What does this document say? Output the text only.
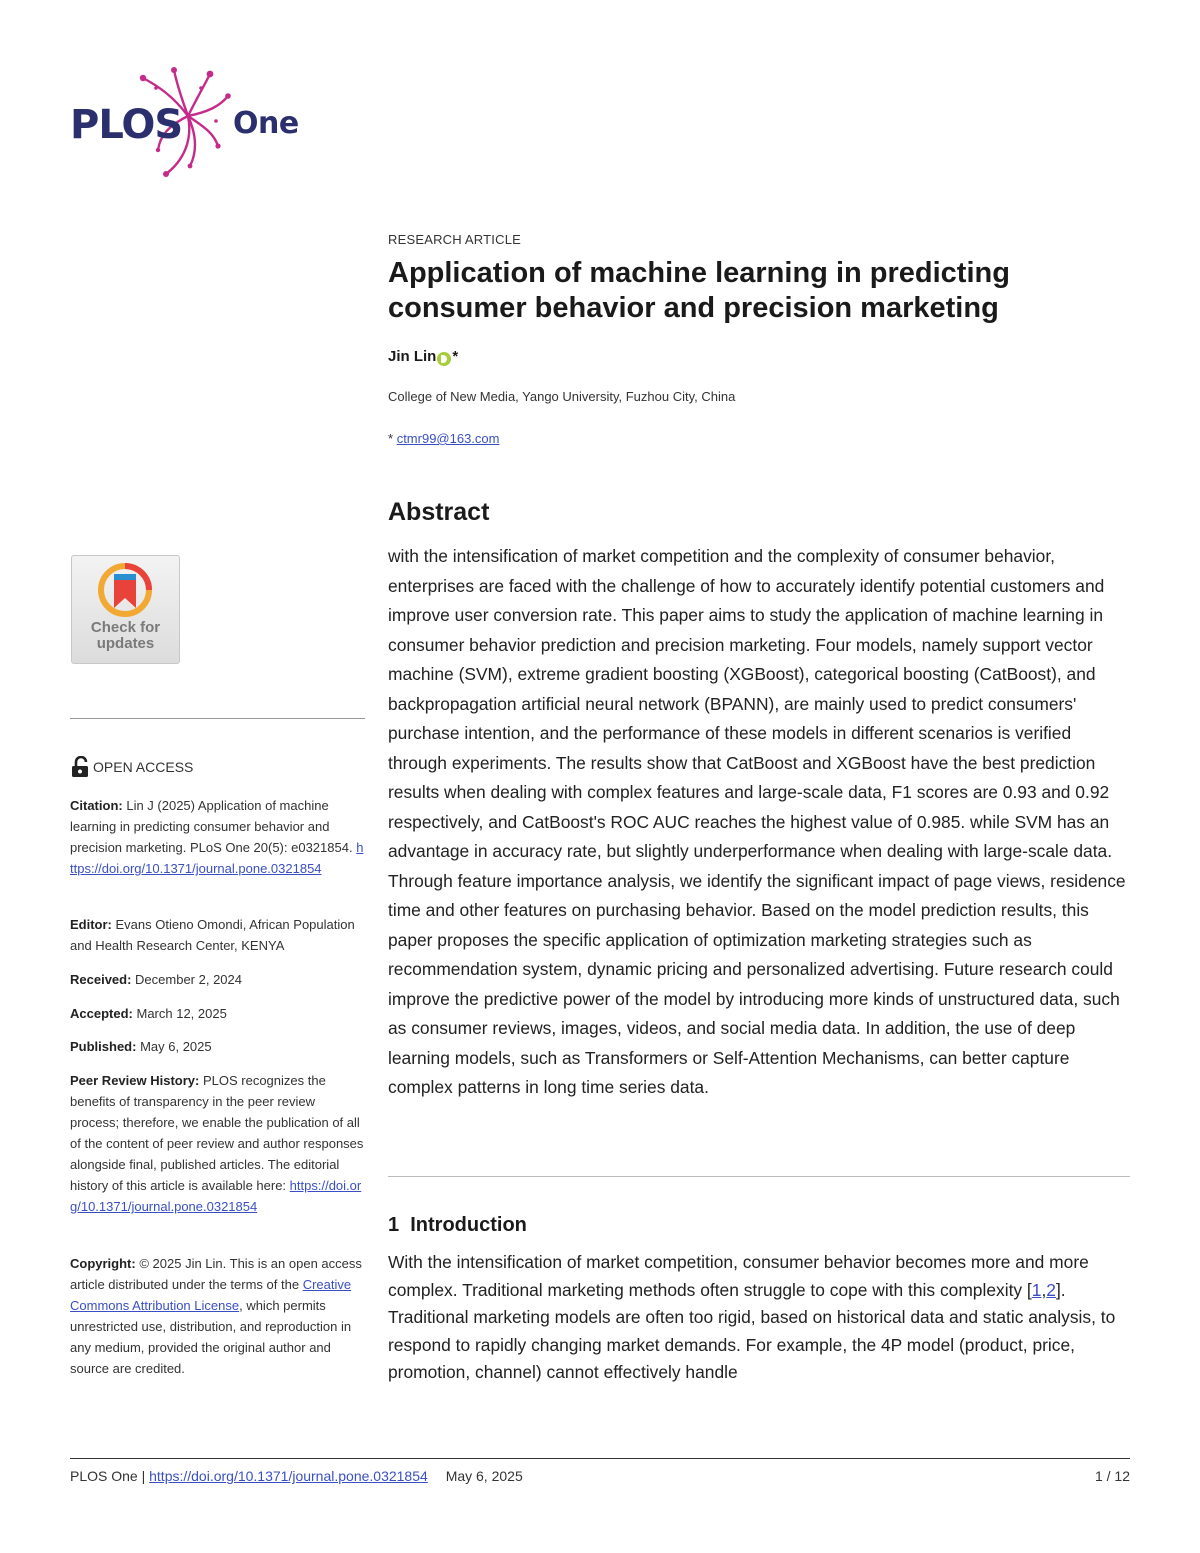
PLOS One
RESEARCH ARTICLE
Application of machine learning in predicting consumer behavior and precision marketing
Jin Lin *
College of New Media, Yango University, Fuzhou City, China
* ctmr99@163.com
Abstract
with the intensification of market competition and the complexity of consumer behavior, enterprises are faced with the challenge of how to accurately identify potential customers and improve user conversion rate. This paper aims to study the application of machine learning in consumer behavior prediction and precision marketing. Four models, namely support vector machine (SVM), extreme gradient boosting (XGBoost), categorical boosting (CatBoost), and backpropagation artificial neural network (BPANN), are mainly used to predict consumers' purchase intention, and the performance of these models in different scenarios is verified through experiments. The results show that CatBoost and XGBoost have the best prediction results when dealing with complex features and large-scale data, F1 scores are 0.93 and 0.92 respectively, and CatBoost's ROC AUC reaches the highest value of 0.985. while SVM has an advantage in accuracy rate, but slightly underperformance when dealing with large-scale data. Through feature importance analysis, we identify the significant impact of page views, residence time and other features on purchasing behavior. Based on the model prediction results, this paper proposes the specific application of optimization marketing strategies such as recommendation system, dynamic pricing and personalized advertising. Future research could improve the predictive power of the model by introducing more kinds of unstructured data, such as consumer reviews, images, videos, and social media data. In addition, the use of deep learning models, such as Transformers or Self-Attention Mechanisms, can better capture complex patterns in long time series data.
1 Introduction
With the intensification of market competition, consumer behavior becomes more and more complex. Traditional marketing methods often struggle to cope with this complexity [1,2]. Traditional marketing models are often too rigid, based on historical data and static analysis, to respond to rapidly changing market demands. For example, the 4P model (product, price, promotion, channel) cannot effectively handle
Check for
updates
OPEN ACCESS
Citation: Lin J (2025) Application of machine learning in predicting consumer behavior and precision marketing. PLoS One 20(5): e0321854. https://doi.org/10.1371/journal.pone.0321854
Editor: Evans Otieno Omondi, African Population and Health Research Center, KENYA
Received: December 2, 2024
Accepted: March 12, 2025
Published: May 6, 2025
Peer Review History: PLOS recognizes the benefits of transparency in the peer review process; therefore, we enable the publication of all of the content of peer review and author responses alongside final, published articles. The editorial history of this article is available here: https://doi.org/10.1371/journal.pone.0321854
Copyright: © 2025 Jin Lin. This is an open access article distributed under the terms of the Creative Commons Attribution License, which permits unrestricted use, distribution, and reproduction in any medium, provided the original author and source are credited.
PLOS One | https://doi.org/10.1371/journal.pone.0321854 May 6, 2025	1 / 12
